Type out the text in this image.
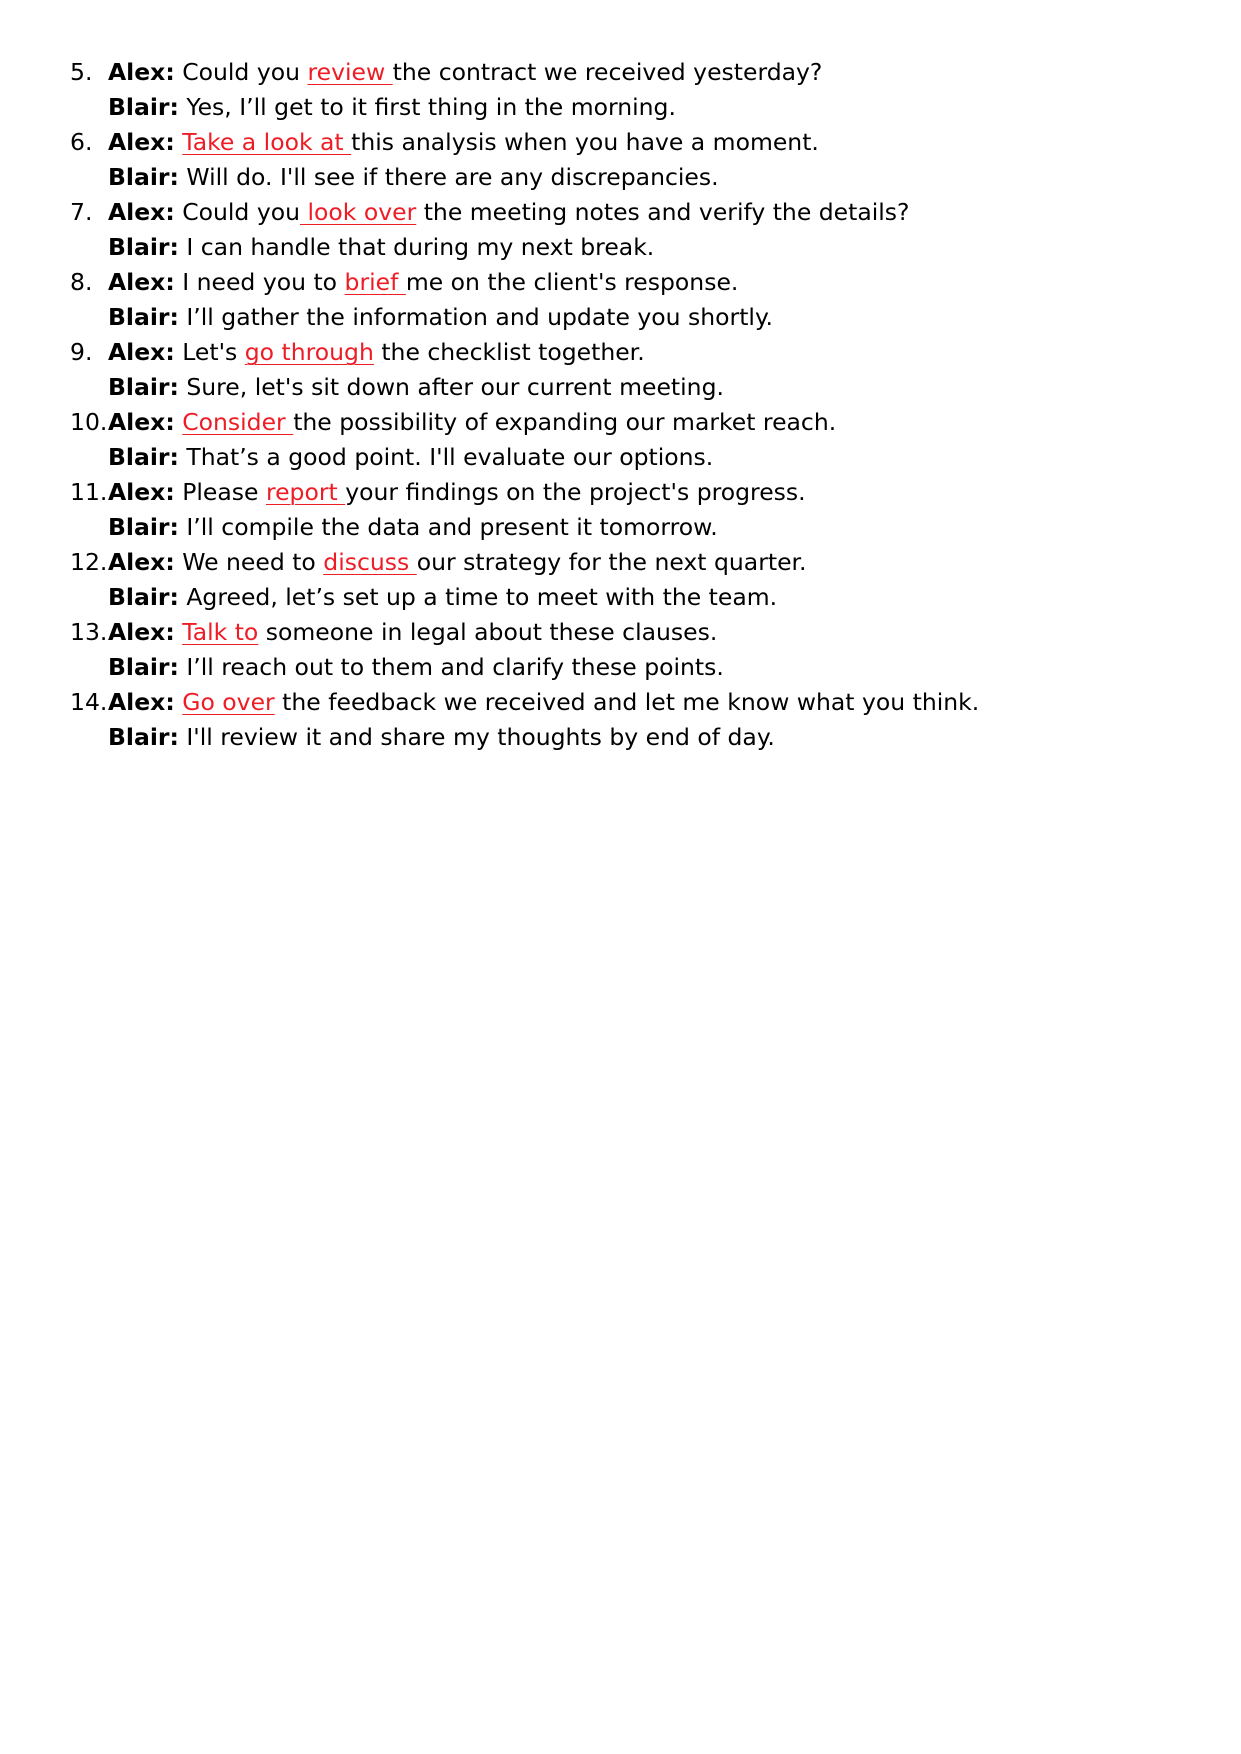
5. Alex: Could you review the contract we received yesterday?
Blair: Yes, I’ll get to it first thing in the morning.
6. Alex: Take a look at this analysis when you have a moment.
Blair: Will do. I'll see if there are any discrepancies.
7. Alex: Could you look over the meeting notes and verify the details?
Blair: I can handle that during my next break.
8. Alex: I need you to brief me on the client's response.
Blair: I’ll gather the information and update you shortly.
9. Alex: Let's go through the checklist together.
Blair: Sure, let's sit down after our current meeting.
10.Alex: Consider the possibility of expanding our market reach.
Blair: That’s a good point. I'll evaluate our options.
11.Alex: Please report your findings on the project's progress.
Blair: I’ll compile the data and present it tomorrow.
12.Alex: We need to discuss our strategy for the next quarter.
Blair: Agreed, let’s set up a time to meet with the team.
13.Alex: Talk to someone in legal about these clauses.
Blair: I’ll reach out to them and clarify these points.
14.Alex: Go over the feedback we received and let me know what you think.
Blair: I'll review it and share my thoughts by end of day.
